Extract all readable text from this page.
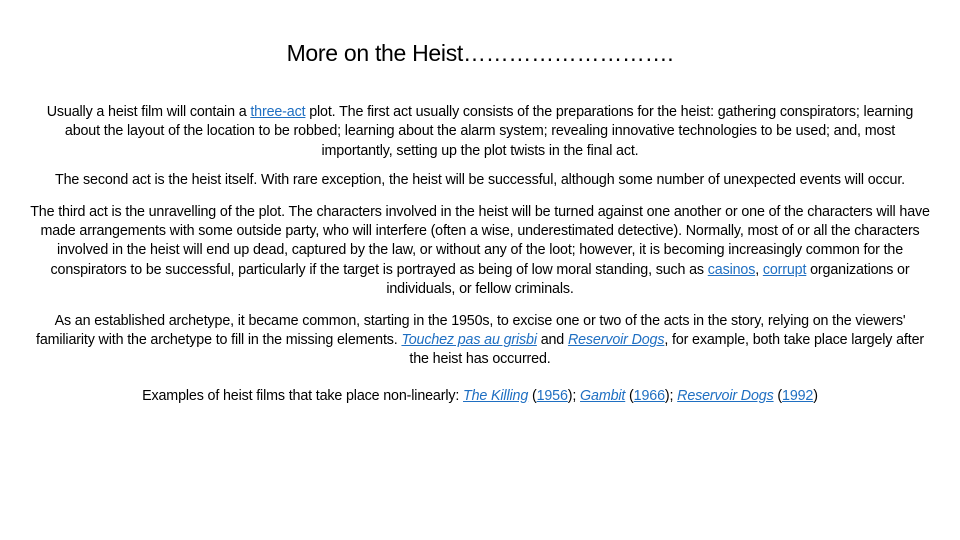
More on the Heist……………………….

Usually a heist film will contain a three-act plot. The first act usually consists of the preparations for the heist: gathering conspirators; learning about the layout of the location to be robbed; learning about the alarm system; revealing innovative technologies to be used; and, most importantly, setting up the plot twists in the final act.

The second act is the heist itself. With rare exception, the heist will be successful, although some number of unexpected events will occur.

The third act is the unravelling of the plot. The characters involved in the heist will be turned against one another or one of the characters will have made arrangements with some outside party, who will interfere (often a wise, underestimated detective). Normally, most of or all the characters involved in the heist will end up dead, captured by the law, or without any of the loot; however, it is becoming increasingly common for the conspirators to be successful, particularly if the target is portrayed as being of low moral standing, such as casinos, corrupt organizations or individuals, or fellow criminals.

As an established archetype, it became common, starting in the 1950s, to excise one or two of the acts in the story, relying on the viewers' familiarity with the archetype to fill in the missing elements. Touchez pas au grisbi and Reservoir Dogs, for example, both take place largely after the heist has occurred.

Examples of heist films that take place non-linearly: The Killing (1956); Gambit (1966); Reservoir Dogs (1992)
